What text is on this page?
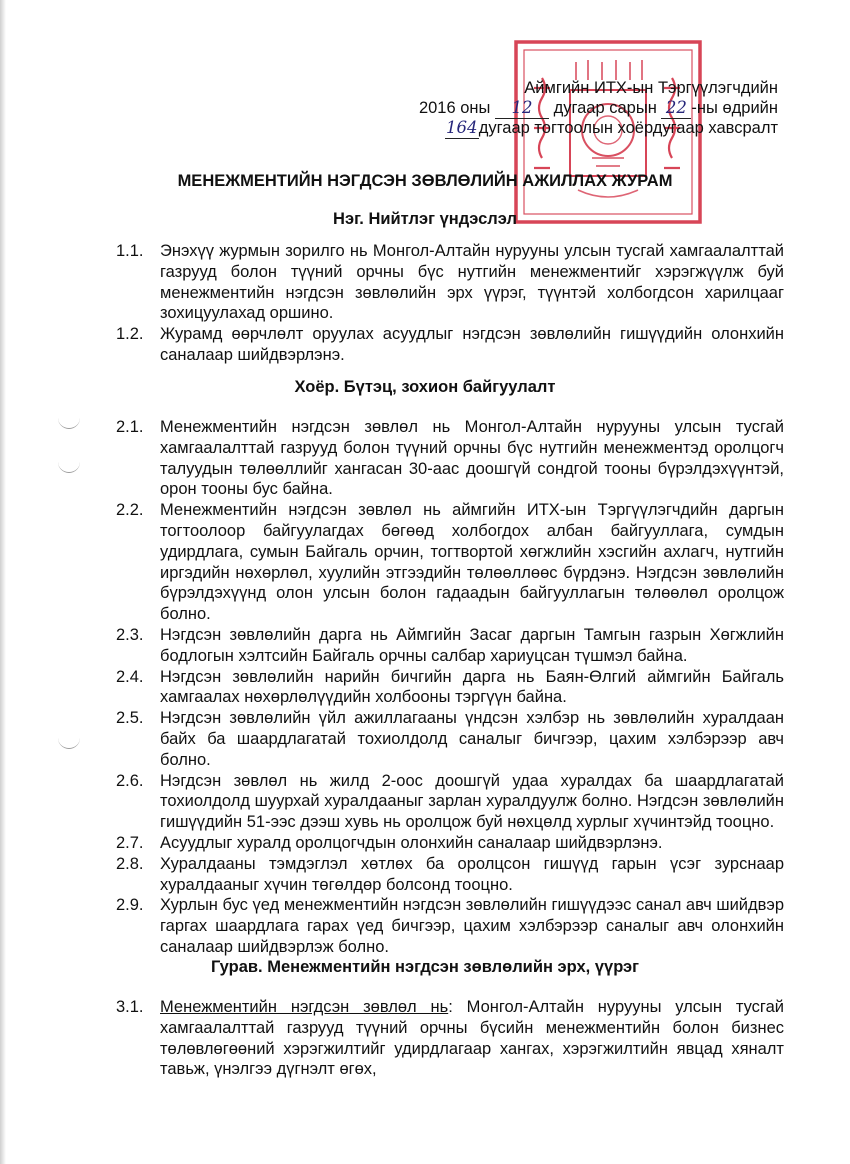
Аймгийн ИТХ-ын Тэргүүлэгчдийн
2016 оны 12 дугаар сарын 22 -ны өдрийн
164дугаар тогтоолын хоёрдугаар хавсралт
МЕНЕЖМЕНТИЙН НЭГДСЭН ЗӨВЛӨЛИЙН АЖИЛЛАХ ЖУРАМ
Нэг. Нийтлэг үндэслэл
1.1. Энэхүү журмын зорилго нь Монгол-Алтайн нурууны улсын тусгай хамгаалалттай газрууд болон түүний орчны бүс нутгийн менежментийг хэрэгжүүлж буй менежментийн нэгдсэн зөвлөлийн эрх үүрэг, түүнтэй холбогдсон харилцааг зохицуулахад оршино.
1.2. Журамд өөрчлөлт оруулах асуудлыг нэгдсэн зөвлөлийн гишүүдийн олонхийн саналаар шийдвэрлэнэ.
Хоёр. Бүтэц, зохион байгуулалт
2.1. Менежментийн нэгдсэн зөвлөл нь Монгол-Алтайн нурууны улсын тусгай хамгаалалттай газрууд болон түүний орчны бүс нутгийн менежментэд оролцогч талуудын төлөөллийг хангасан 30-аас доошгүй сондгой тооны бүрэлдэхүүнтэй, орон тооны бус байна.
2.2. Менежментийн нэгдсэн зөвлөл нь аймгийн ИТХ-ын Тэргүүлэгчдийн даргын тогтоолоор байгуулагдах бөгөөд холбогдох албан байгууллага, сумдын удирдлага, сумын Байгаль орчин, тогтвортой хөгжлийн хэсгийн ахлагч, нутгийн иргэдийн нөхөрлөл, хуулийн этгээдийн төлөөллөөс бүрдэнэ. Нэгдсэн зөвлөлийн бүрэлдэхүүнд олон улсын болон гадаадын байгууллагын төлөөлөл оролцож болно.
2.3. Нэгдсэн зөвлөлийн дарга нь Аймгийн Засаг даргын Тамгын газрын Хөгжлийн бодлогын хэлтсийн Байгаль орчны салбар хариуцсан түшмэл байна.
2.4. Нэгдсэн зөвлөлийн нарийн бичгийн дарга нь Баян-Өлгий аймгийн Байгаль хамгаалах нөхөрлөлүүдийн холбооны тэргүүн байна.
2.5. Нэгдсэн зөвлөлийн үйл ажиллагааны үндсэн хэлбэр нь зөвлөлийн хуралдаан байх ба шаардлагатай тохиолдолд саналыг бичгээр, цахим хэлбэрээр авч болно.
2.6. Нэгдсэн зөвлөл нь жилд 2-оос доошгүй удаа хуралдах ба шаардлагатай тохиолдолд шуурхай хуралдааныг зарлан хуралдуулж болно. Нэгдсэн зөвлөлийн гишүүдийн 51-ээс дээш хувь нь оролцож буй нөхцөлд хурлыг хүчинтэйд тооцно.
2.7. Асуудлыг хуралд оролцогчдын олонхийн саналаар шийдвэрлэнэ.
2.8. Хуралдааны тэмдэглэл хөтлөх ба оролцсон гишүүд гарын үсэг зурснаар хуралдааныг хүчин төгөлдөр болсонд тооцно.
2.9. Хурлын бус үед менежментийн нэгдсэн зөвлөлийн гишүүдээс санал авч шийдвэр гаргах шаардлага гарах үед бичгээр, цахим хэлбэрээр саналыг авч олонхийн саналаар шийдвэрлэж болно.
Гурав. Менежментийн нэгдсэн зөвлөлийн эрх, үүрэг
3.1. Менежментийн нэгдсэн зөвлөл нь: Монгол-Алтайн нурууны улсын тусгай хамгаалалттай газрууд түүний орчны бүсийн менежментийн болон бизнес төлөвлөгөөний хэрэгжилтийг удирдлагаар хангах, хэрэгжилтийн явцад хяналт тавьж, үнэлгээ дүгнэлт өгөх,
